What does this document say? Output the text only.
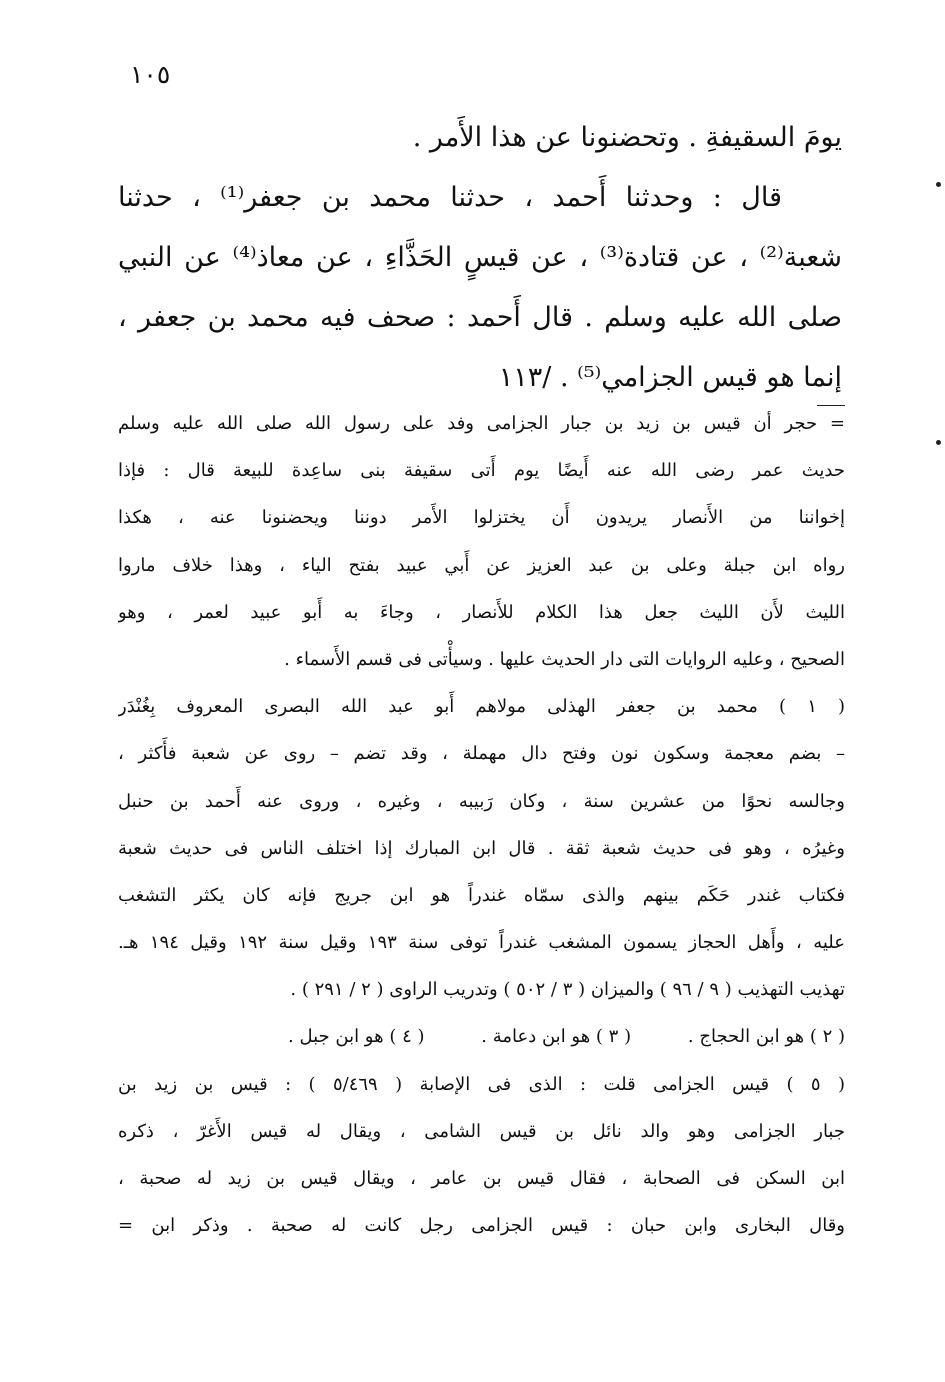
١٠٥
يومَ السقيفةِ . وتحضنونا عن هذا الأَمر .
قال : وحدثنا أَحمد ، حدثنا محمد بن جعفر⁽¹⁾ ، حدثنا
شعبة⁽²⁾ ، عن قتادة⁽³⁾ ، عن قيسٍ الحَذَّاءِ ، عن معاذ⁽⁴⁾ عن النبي
صلى الله عليه وسلم . قال أَحمد : صحف فيه محمد بن جعفر ،
إنما هو قيس الجزامي⁽⁵⁾ . /١١٣
= حجر أن قيس بن زيد بن جبار الجزامى وفد على رسول الله صلى الله عليه وسلم
حديث عمر رضى الله عنه أَيضًا يوم أَتى سقيفة بنى ساعِدة للبيعة قال : فإذا
إخواننا من الأَنصار يريدون أَن يختزلوا الأَمر دوننا ويحضنونا عنه ، هكذا
رواه ابن جبلة وعلى بن عبد العزيز عن أَبي عبيد بفتح الياء ، وهذا خلاف ماروا
الليث لأَن الليث جعل هذا الكلام للأَنصار ، وجاءَ به أَبو عبيد لعمر ، وهو
الصحيح ، وعليه الروايات التى دار الحديث عليها . وسيأْتى فى قسم الأَسماء .
( ١ ) محمد بن جعفر الهذلى مولاهم أَبو عبد الله البصرى المعروف بِغُنْدَر
– بضم معجمة وسكون نون وفتح دال مهملة ، وقد تضم – روى عن شعبة فأَكثر ،
وجالسه نحوًا من عشرين سنة ، وكان رَبيبه ، وغيره ، وروى عنه أَحمد بن حنبل
وغيرُه ، وهو فى حديث شعبة ثقة . قال ابن المبارك إذا اختلف الناس فى حديث شعبة
فكتاب غندر حَكَم بينهم والذى سمّاه غندراً هو ابن جريج فإنه كان يكثر التشغب
عليه ، وأَهل الحجاز يسمون المشغب غندراً توفى سنة ١٩٣ وقيل سنة ١٩٢ وقيل ١٩٤ هـ.
تهذيب التهذيب ( ٩ / ٩٦ ) والميزان ( ٣ / ٥٠٢ ) وتدريب الراوى ( ٢ / ٢٩١ ) .
( ٢ ) هو ابن الحجاج .
( ٣ ) هو ابن دعامة .
( ٤ ) هو ابن جبل .
( ٥ ) قيس الجزامى قلت : الذى فى الإصابة ( ٥/٤٦٩ ) : قيس بن زيد بن
جبار الجزامى وهو والد نائل بن قيس الشامى ، ويقال له قيس الأَغرّ ، ذكره
ابن السكن فى الصحابة ، فقال قيس بن عامر ، ويقال قيس بن زيد له صحبة ،
وقال البخارى وابن حبان : قيس الجزامى رجل كانت له صحبة . وذكر ابن =
